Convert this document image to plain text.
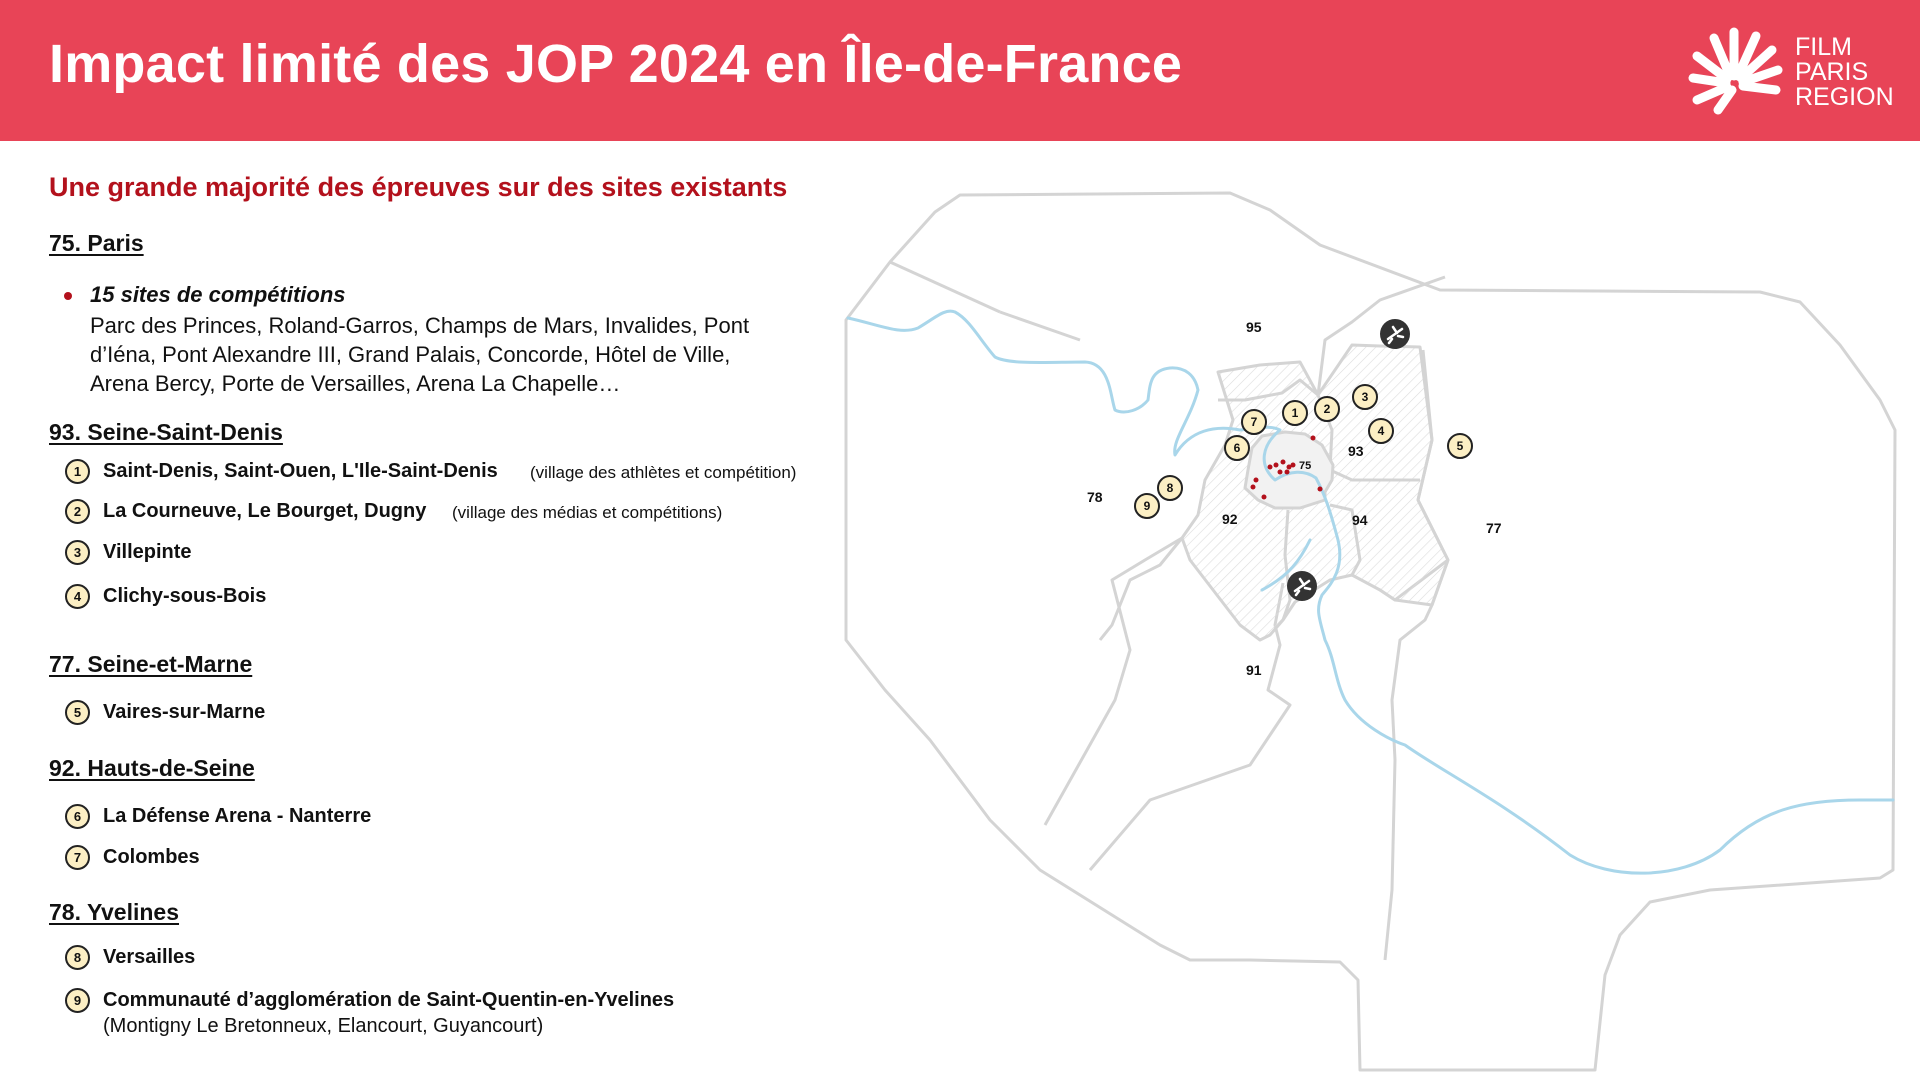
Impact limité des JOP 2024 en Île-de-France	FILM
PARIS
REGION
Une grande majorité des épreuves sur des sites existants
75. Paris
15 sites de compétitions
Parc des Princes, Roland-Garros, Champs de Mars, Invalides, Pont d’Iéna, Pont Alexandre III, Grand Palais, Concorde, Hôtel de Ville, Arena Bercy, Porte de Versailles, Arena La Chapelle…
93. Seine-Saint-Denis
1	Saint-Denis, Saint-Ouen, L'Ile-Saint-Denis (village des athlètes et compétition)
2	La Courneuve, Le Bourget, Dugny (village des médias et compétitions)
3	Villepinte
4	Clichy-sous-Bois
77. Seine-et-Marne
5	Vaires-sur-Marne
92. Hauts-de-Seine
6	La Défense Arena - Nanterre
7	Colombes
78. Yvelines
8	Versailles
9	Communauté d’agglomération de Saint-Quentin-en-Yvelines
(Montigny Le Bretonneux, Elancourt, Guyancourt)
95
93
75
78
92	94	77
91
1 2
3
4
5
6
7
8
9
